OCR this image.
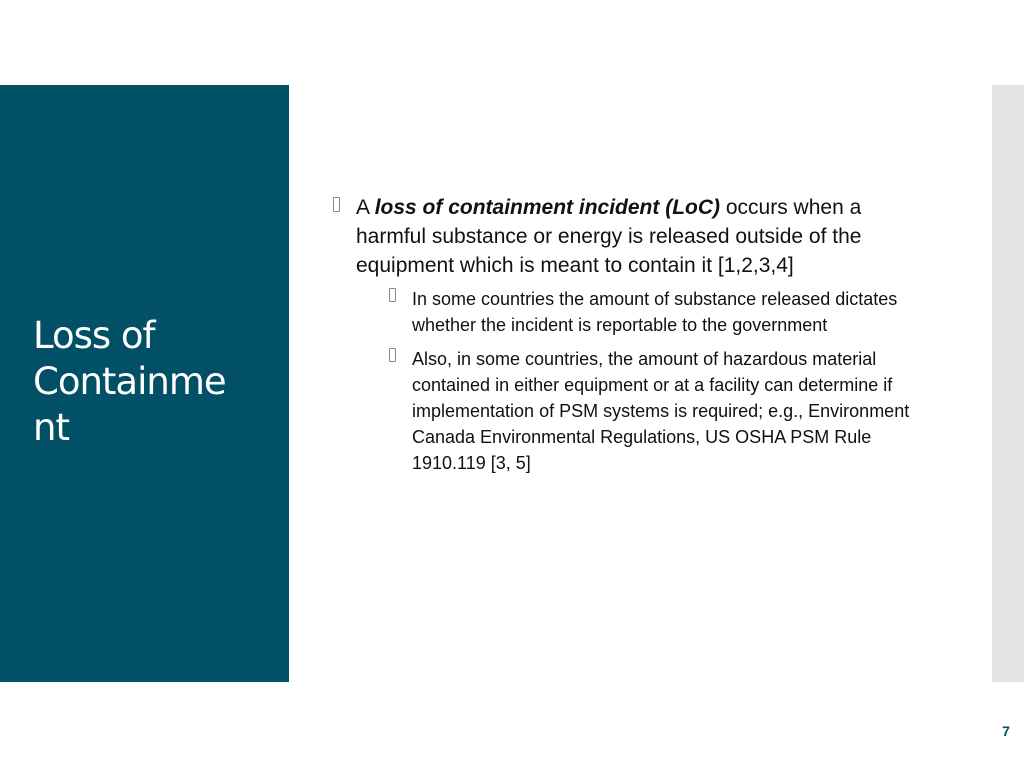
Loss of
Containme
nt
A loss of containment incident (LoC) occurs when a harmful substance or energy is released outside of the equipment which is meant to contain it [1,2,3,4]
In some countries the amount of substance released dictates whether the incident is reportable to the government
Also, in some countries, the amount of hazardous material contained in either equipment or at a facility can determine if implementation of PSM systems is required; e.g., Environment Canada Environmental Regulations, US OSHA PSM Rule 1910.119 [3, 5]
7
